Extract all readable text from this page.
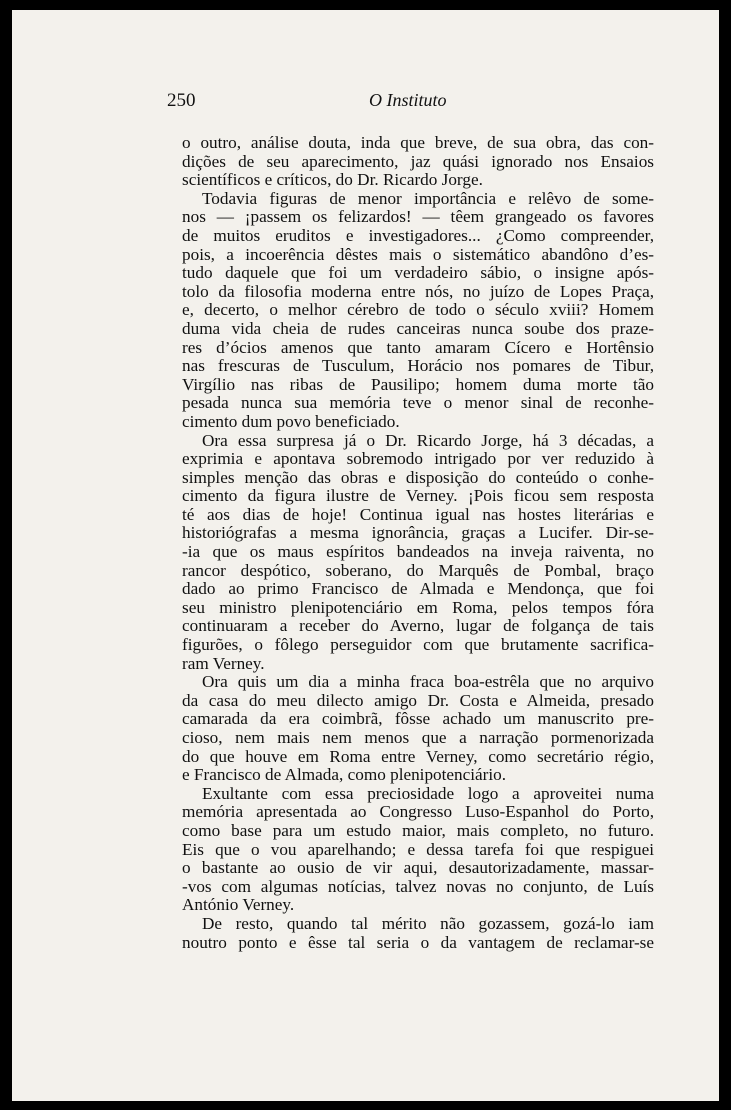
250	O Instituto
o outro, análise douta, inda que breve, de sua obra, das con-
dições de seu aparecimento, jaz quási ignorado nos Ensaios
scientíficos e críticos, do Dr. Ricardo Jorge.
Todavia figuras de menor importância e relêvo de some-
nos — ¡passem os felizardos! — têem grangeado os favores
de muitos eruditos e investigadores... ¿Como compreender,
pois, a incoerência dêstes mais o sistemático abandôno d’es-
tudo daquele que foi um verdadeiro sábio, o insigne após-
tolo da filosofia moderna entre nós, no juízo de Lopes Praça,
e, decerto, o melhor cérebro de todo o século xviii? Homem
duma vida cheia de rudes canceiras nunca soube dos praze-
res d’ócios amenos que tanto amaram Cícero e Hortênsio
nas frescuras de Tusculum, Horácio nos pomares de Tibur,
Virgílio nas ribas de Pausilipo; homem duma morte tão
pesada nunca sua memória teve o menor sinal de reconhe-
cimento dum povo beneficiado.
Ora essa surpresa já o Dr. Ricardo Jorge, há 3 décadas, a
exprimia e apontava sobremodo intrigado por ver reduzido à
simples menção das obras e disposição do conteúdo o conhe-
cimento da figura ilustre de Verney. ¡Pois ficou sem resposta
té aos dias de hoje! Continua igual nas hostes literárias e
historiógrafas a mesma ignorância, graças a Lucifer. Dir-se-
-ia que os maus espíritos bandeados na inveja raiventa, no
rancor despótico, soberano, do Marquês de Pombal, braço
dado ao primo Francisco de Almada e Mendonça, que foi
seu ministro plenipotenciário em Roma, pelos tempos fóra
continuaram a receber do Averno, lugar de folgança de tais
figurões, o fôlego perseguidor com que brutamente sacrifica-
ram Verney.
Ora quis um dia a minha fraca boa-estrêla que no arquivo
da casa do meu dilecto amigo Dr. Costa e Almeida, presado
camarada da era coimbrã, fôsse achado um manuscrito pre-
cioso, nem mais nem menos que a narração pormenorizada
do que houve em Roma entre Verney, como secretário régio,
e Francisco de Almada, como plenipotenciário.
Exultante com essa preciosidade logo a aproveitei numa
memória apresentada ao Congresso Luso-Espanhol do Porto,
como base para um estudo maior, mais completo, no futuro.
Eis que o vou aparelhando; e dessa tarefa foi que respiguei
o bastante ao ousio de vir aqui, desautorizadamente, massar-
-vos com algumas notícias, talvez novas no conjunto, de Luís
António Verney.
De resto, quando tal mérito não gozassem, gozá-lo iam
noutro ponto e êsse tal seria o da vantagem de reclamar-se
